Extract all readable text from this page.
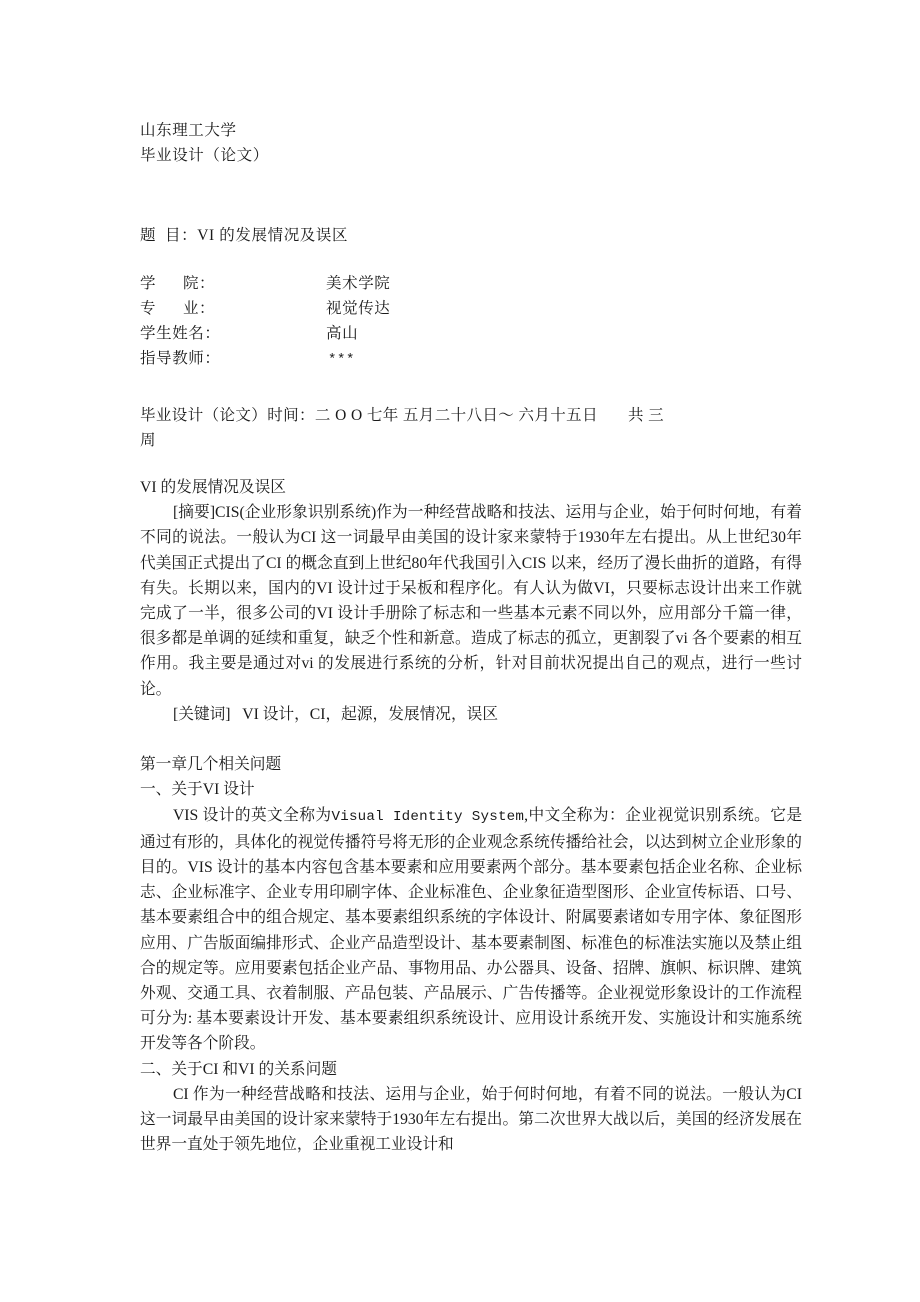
山东理工大学
毕业设计（论文）
题  目：VI 的发展情况及误区
学      院：	美术学院
专      业：	视觉传达
学生姓名：	高山
指导教师：	***
毕业设计（论文）时间：二 O O 七年 五月二十八日～ 六月十五日 共 三
周

VI 的发展情况及误区

[摘要]CIS(企业形象识别系统)作为一种经营战略和技法、运用与企业，始于何时何地，有着不同的说法。一般认为CI 这一词最早由美国的设计家来蒙特于1930年左右提出。从上世纪30年代美国正式提出了CI 的概念直到上世纪80年代我国引入CIS 以来，经历了漫长曲折的道路，有得有失。长期以来，国内的VI 设计过于呆板和程序化。有人认为做VI，只要标志设计出来工作就完成了一半，很多公司的VI 设计手册除了标志和一些基本元素不同以外，应用部分千篇一律，很多都是单调的延续和重复，缺乏个性和新意。造成了标志的孤立，更割裂了vi 各个要素的相互作用。我主要是通过对vi 的发展进行系统的分析，针对目前状况提出自己的观点，进行一些讨论。

[关键词] VI 设计，CI，起源，发展情况，误区

第一章几个相关问题

一、关于VI 设计

VIS 设计的英文全称为Visual Identity System,中文全称为：企业视觉识别系统。它是通过有形的，具体化的视觉传播符号将无形的企业观念系统传播给社会，以达到树立企业形象的目的。VIS 设计的基本内容包含基本要素和应用要素两个部分。基本要素包括企业名称、企业标志、企业标准字、企业专用印刷字体、企业标准色、企业象征造型图形、企业宣传标语、口号、基本要素组合中的组合规定、基本要素组织系统的字体设计、附属要素诸如专用字体、象征图形应用、广告版面编排形式、企业产品造型设计、基本要素制图、标准色的标准法实施以及禁止组合的规定等。应用要素包括企业产品、事物用品、办公器具、设备、招牌、旗帜、标识牌、建筑外观、交通工具、衣着制服、产品包装、产品展示、广告传播等。企业视觉形象设计的工作流程可分为: 基本要素设计开发、基本要素组织系统设计、应用设计系统开发、实施设计和实施系统开发等各个阶段。

二、关于CI 和VI 的关系问题

CI 作为一种经营战略和技法、运用与企业，始于何时何地，有着不同的说法。一般认为CI 这一词最早由美国的设计家来蒙特于1930年左右提出。第二次世界大战以后，美国的经济发展在世界一直处于领先地位，企业重视工业设计和
